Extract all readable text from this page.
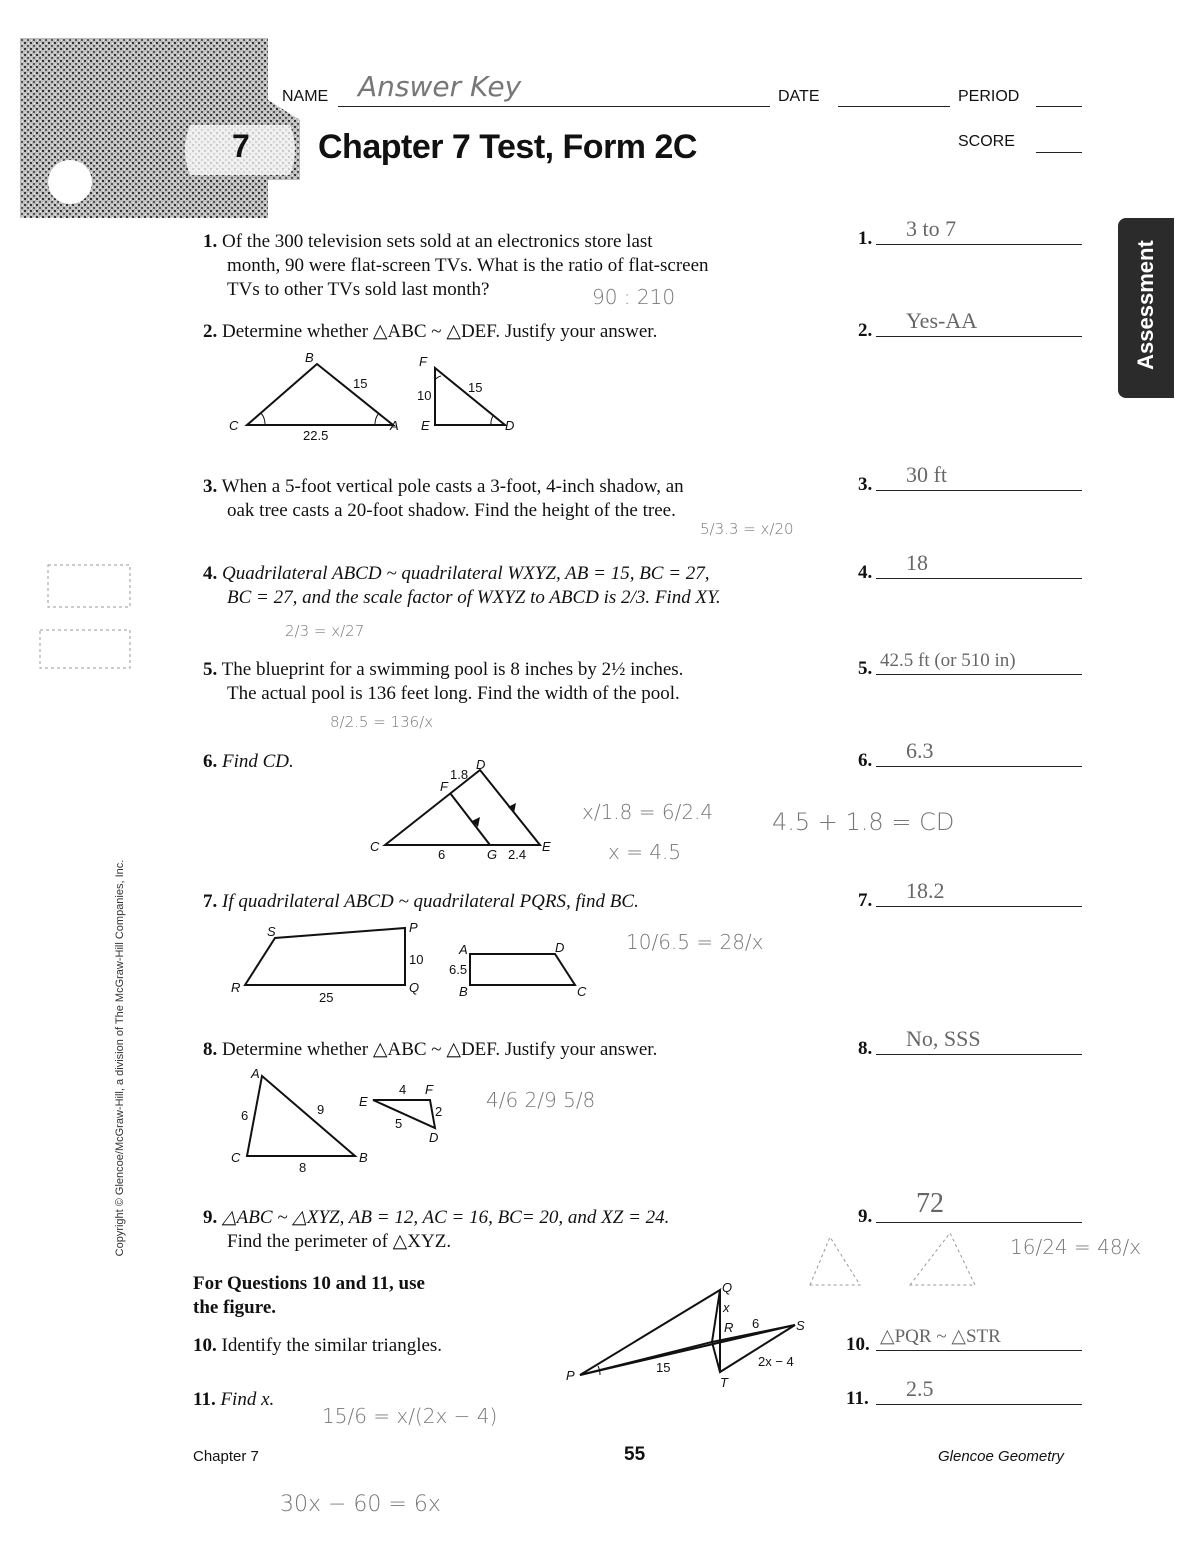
NAME Answer Key	DATE	PERIOD
SCORE
7 Chapter 7 Test, Form 2C
Assessment
Copyright © Glencoe/McGraw-Hill, a division of The McGraw-Hill Companies, Inc.
1. Of the 300 television sets sold at an electronics store last
month, 90 were flat-screen TVs. What is the ratio of flat-screen
TVs to other TVs sold last month?	90 : 210
2. Determine whether △ABC ~ △DEF. Justify your answer.
B
C	A
15
22.5
F
E	D
10
15
3. When a 5-foot vertical pole casts a 3-foot, 4-inch shadow, an
oak tree casts a 20-foot shadow. Find the height of the tree.
5/3.3 = x/20
4. Quadrilateral ABCD ~ quadrilateral WXYZ, AB = 15, BC = 27,
BC = 27, and the scale factor of WXYZ to ABCD is 2/3. Find XY.
2/3 = x/27
5. The blueprint for a swimming pool is 8 inches by 2½ inches.
The actual pool is 136 feet long. Find the width of the pool.
8/2.5 = 136/x
6. Find CD.
C
D
E
F
G
1.8
6	2.4
x/1.8 = 6/2.4
x = 4.5
4.5 + 1.8 = CD
7. If quadrilateral ABCD ~ quadrilateral PQRS, find BC.
S	P
R	Q
10
25
A	D
B	C
6.5
10/6.5 = 28/x
8. Determine whether △ABC ~ △DEF. Justify your answer.
A
C	B
6	9
8
E
F
D
4
2
5
4/6 2/9 5/8
9. △ABC ~ △XYZ, AB = 12, AC = 16, BC= 20, and XZ = 24.
Find the perimeter of △XYZ.	16/24 = 48/x
For Questions 10 and 11, use
the figure.
10. Identify the similar triangles.
11. Find x.
P
Q
R	S
T
x
6
15	2x − 4
15/6 = x/(2x − 4)
30x − 60 = 6x
1. 3 to 7
2. Yes-AA
3. 30 ft
4. 18
5. 42.5 ft (or 510 in)
6. 6.3
7. 18.2
8. No, SSS
9. 72
10. △PQR ~ △STR
11. 2.5
Chapter 7	55	Glencoe Geometry
